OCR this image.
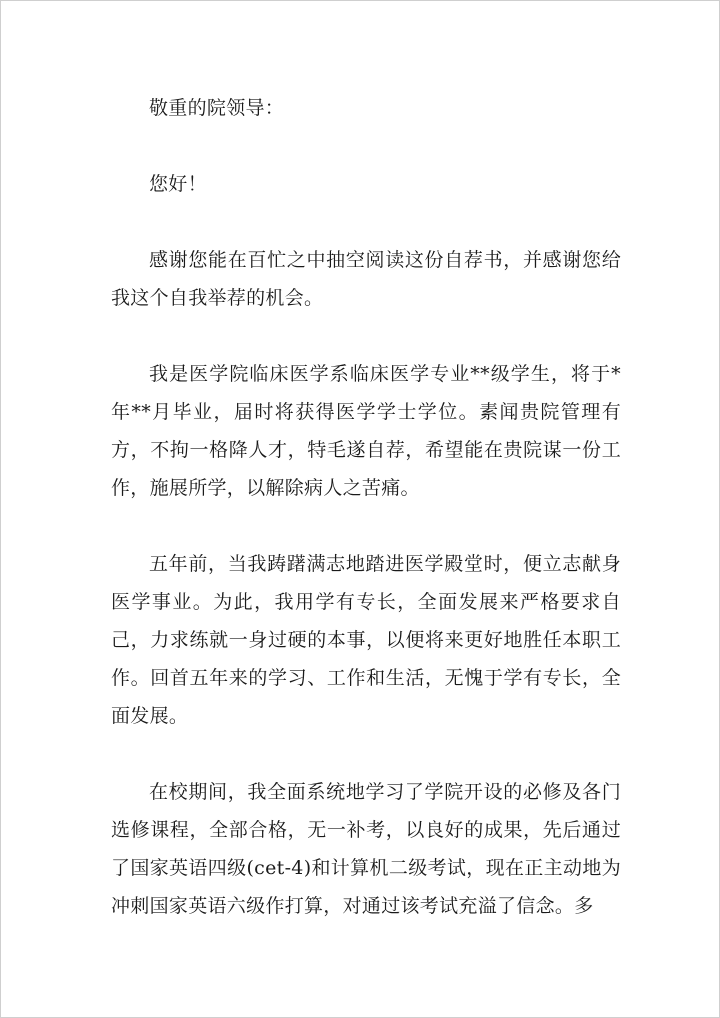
敬重的院领导：

您好！

感谢您能在百忙之中抽空阅读这份自荐书，并感谢您给我这个自我举荐的机会。

我是医学院临床医学系临床医学专业**级学生，将于*年**月毕业，届时将获得医学学士学位。素闻贵院管理有方，不拘一格降人才，特毛遂自荐，希望能在贵院谋一份工作，施展所学，以解除病人之苦痛。

五年前，当我踌躇满志地踏进医学殿堂时，便立志献身医学事业。为此，我用学有专长，全面发展来严格要求自己，力求练就一身过硬的本事，以便将来更好地胜任本职工作。回首五年来的学习、工作和生活，无愧于学有专长，全面发展。

在校期间，我全面系统地学习了学院开设的必修及各门选修课程，全部合格，无一补考，以良好的成果，先后通过了国家英语四级(cet-4)和计算机二级考试，现在正主动地为冲刺国家英语六级作打算，对通过该考试充溢了信念。多
